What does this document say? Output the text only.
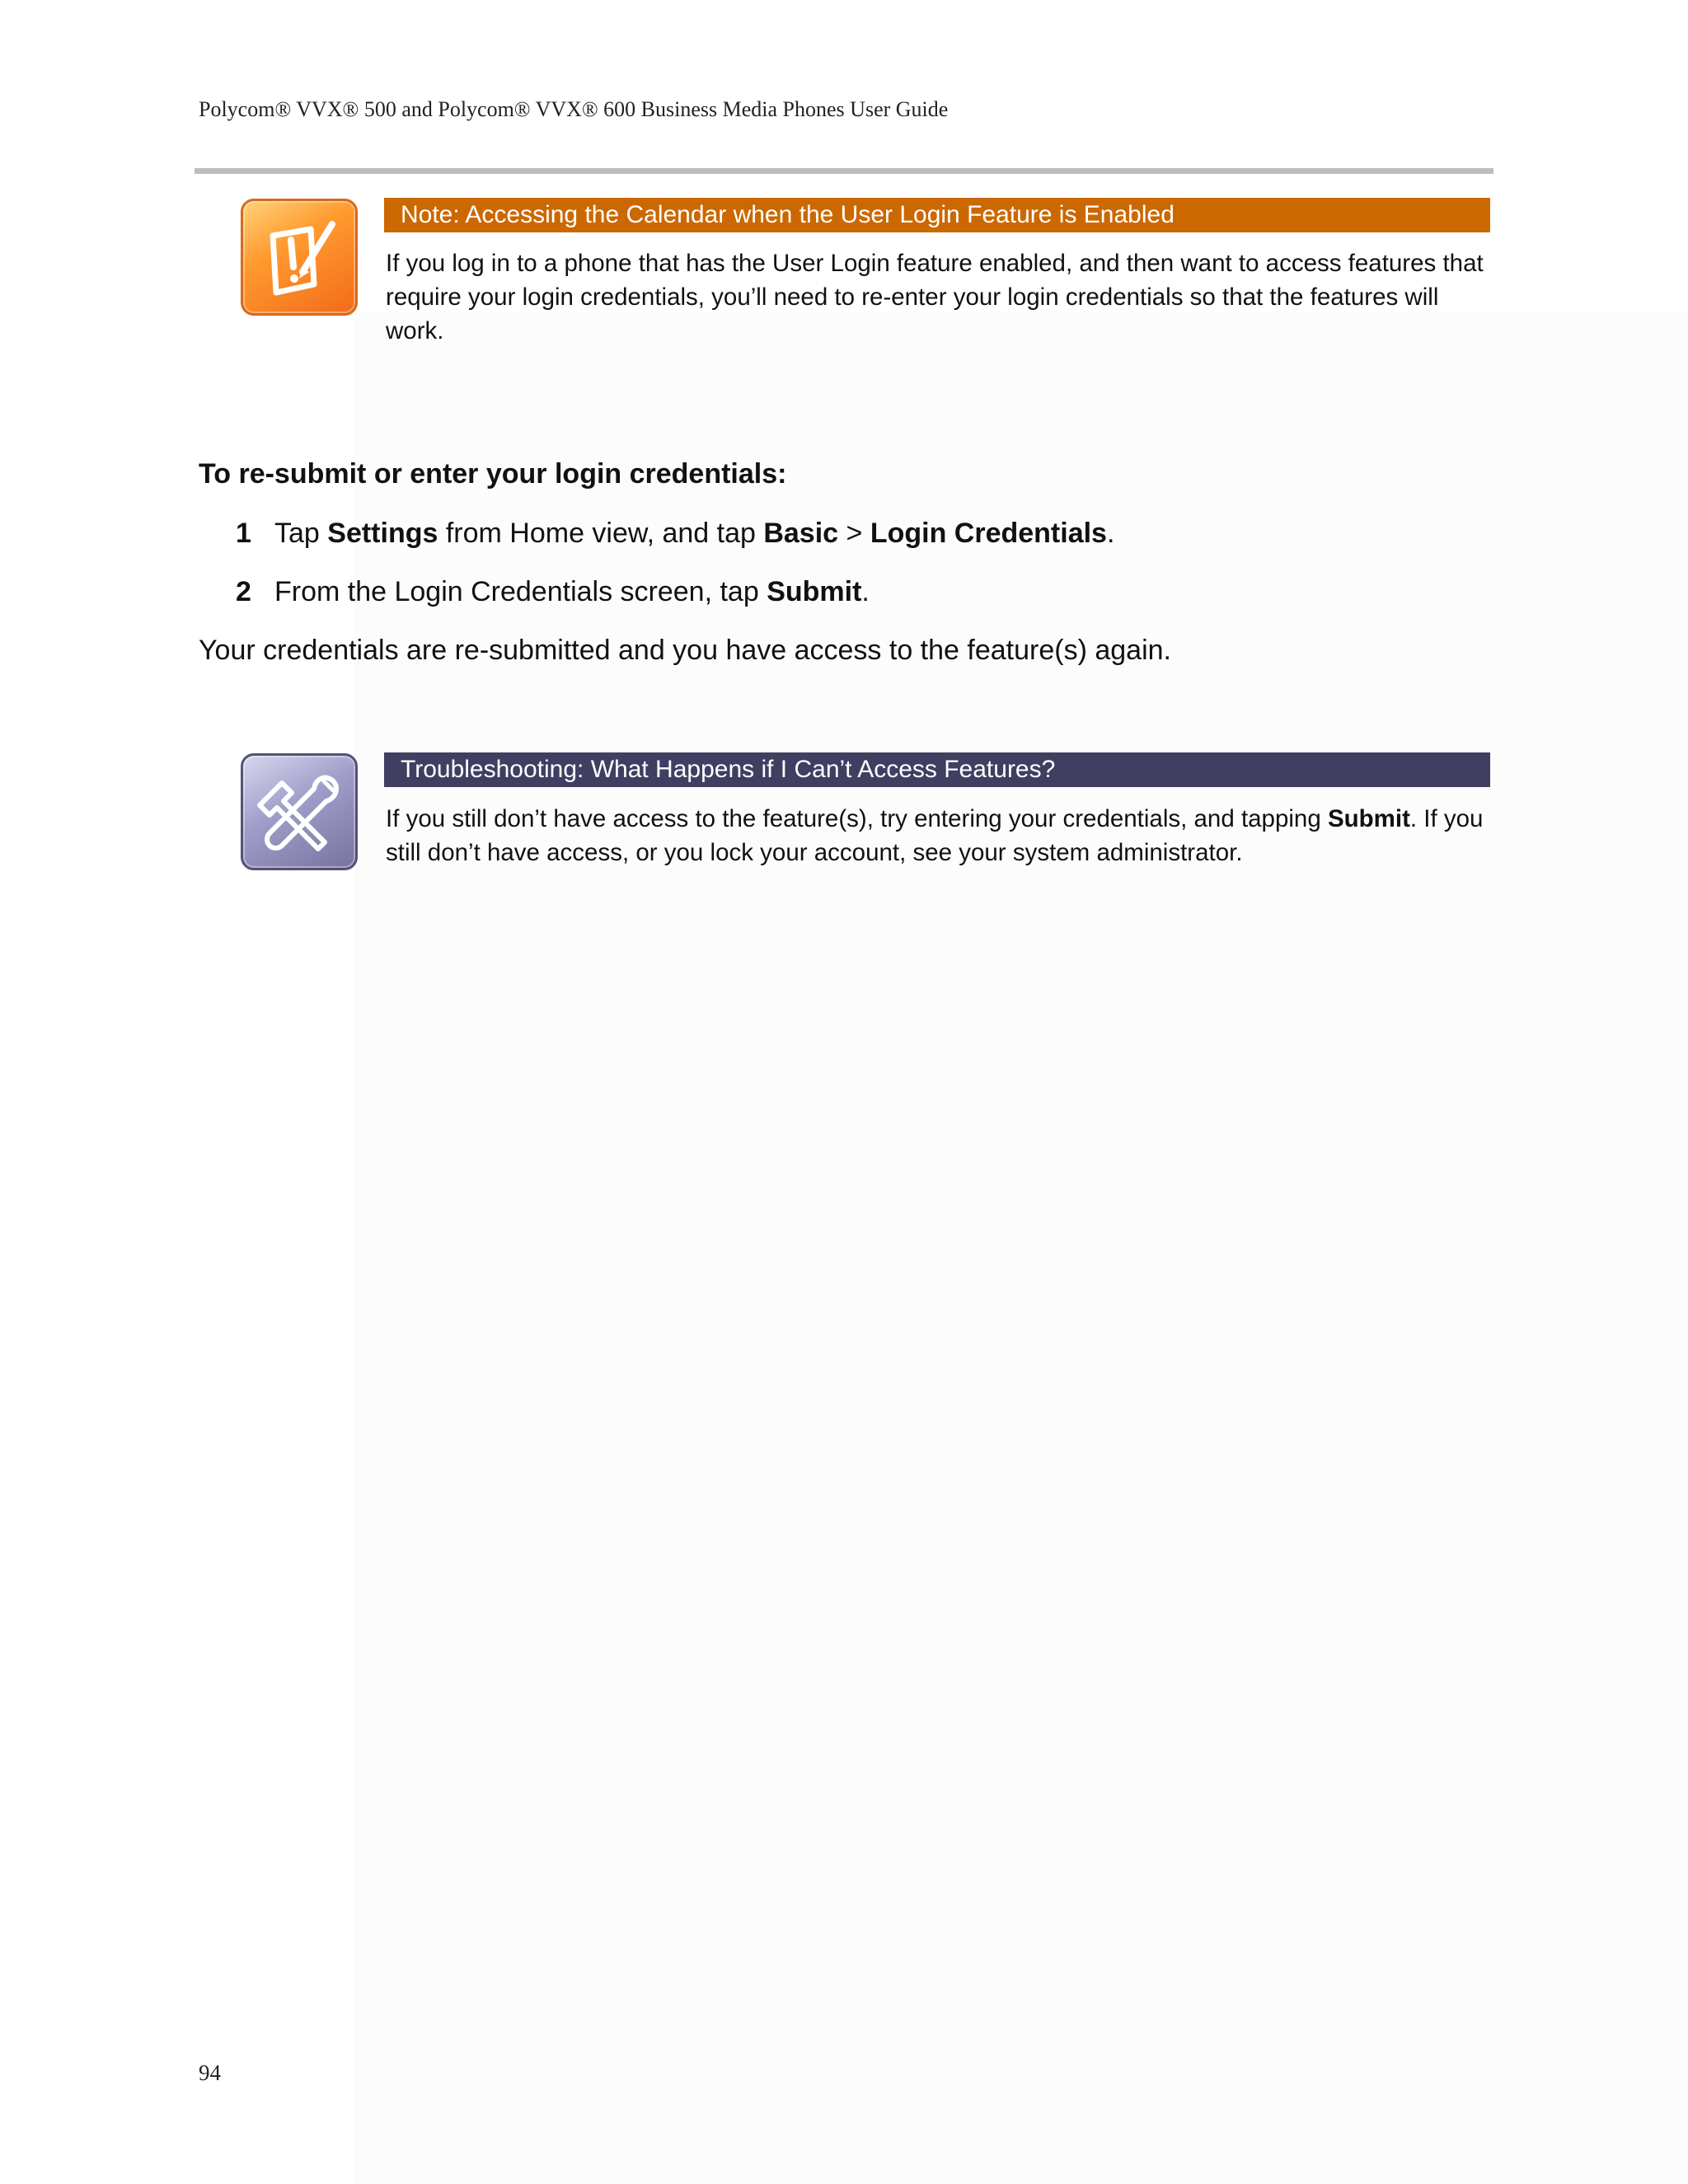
Polycom® VVX® 500 and Polycom® VVX® 600 Business Media Phones User Guide
Note: Accessing the Calendar when the User Login Feature is Enabled
If you log in to a phone that has the User Login feature enabled, and then want to access features that require your login credentials, you’ll need to re-enter your login credentials so that the features will work.
To re-submit or enter your login credentials:
1 Tap Settings from Home view, and tap Basic > Login Credentials.
2 From the Login Credentials screen, tap Submit.
Your credentials are re-submitted and you have access to the feature(s) again.
Troubleshooting: What Happens if I Can’t Access Features?
If you still don’t have access to the feature(s), try entering your credentials, and tapping Submit. If you still don’t have access, or you lock your account, see your system administrator.
94
